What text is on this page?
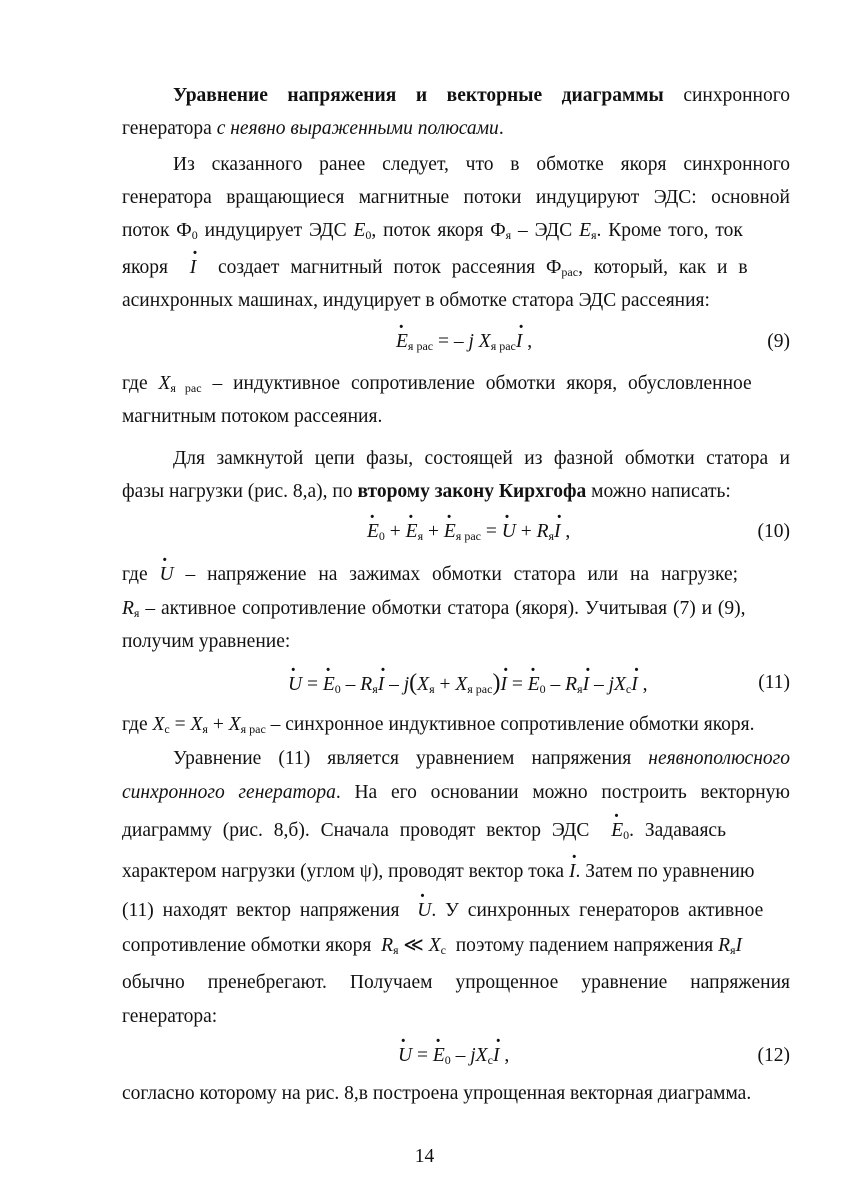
Уравнение напряжения и векторные диаграммы синхронного
генератора с неявно выраженными полюсами.
Из сказанного ранее следует, что в обмотке якоря синхронного
генератора вращающиеся магнитные потоки индуцируют ЭДС: основной
поток $Ф_0$ индуцирует ЭДС $E_0$, поток якоря $Ф_я$ – ЭДС $E_я$. Кроме того, ток
якоря  · I  создает магнитный поток рассеяния $Ф_{рас}$, который, как и в
асинхронных машинах, индуцирует в обмотке статора ЭДС рассеяния:
· $E_{я рас}$ = – j $X_{я рас}\cdot I$ ,	(9)
где $X_{я рас}$ – индуктивное сопротивление обмотки якоря, обусловленное
магнитным потоком рассеяния.
Для замкнутой цепи фазы, состоящей из фазной обмотки статора и
фазы нагрузки (рис. 8,а), по второму закону Кирхгофа можно написать:
· $E_0$ + · $E_я$ + · $E_{я рас}$ = · $U + R_я\cdot I$ ,	(10)
где · U – напряжение на зажимах обмотки статора или на нагрузке;
$R_я$ – активное сопротивление обмотки статора (якоря). Учитывая (7) и (9),
получим уравнение:
· U = · $E_0 - R_я\cdot I - j(X_я + X_{я рас})\cdot I$ = · $E_0 - R_я\cdot I - jX_с\cdot I$ ,	(11)
где $X_с = X_я + X_{я рас}$ – синхронное индуктивное сопротивление обмотки якоря.
Уравнение (11) является уравнением напряжения неявнополюсного
синхронного генератора. На его основании можно построить векторную
диаграмму (рис. 8,б). Сначала проводят вектор ЭДС  · $E_0$. Задаваясь
характером нагрузки (углом ψ), проводят вектор тока · I. Затем по уравнению
(11) находят вектор напряжения  · U. У синхронных генераторов активное
сопротивление обмотки якоря  $R_я$ ≪ $X_с$  поэтому падением напряжения $R_яI$
обычно пренебрегают. Получаем упрощенное уравнение напряжения
генератора:
· U = · $E_0 - jX_с\cdot I$ ,	(12)
согласно которому на рис. 8,в построена упрощенная векторная диаграмма.
14
